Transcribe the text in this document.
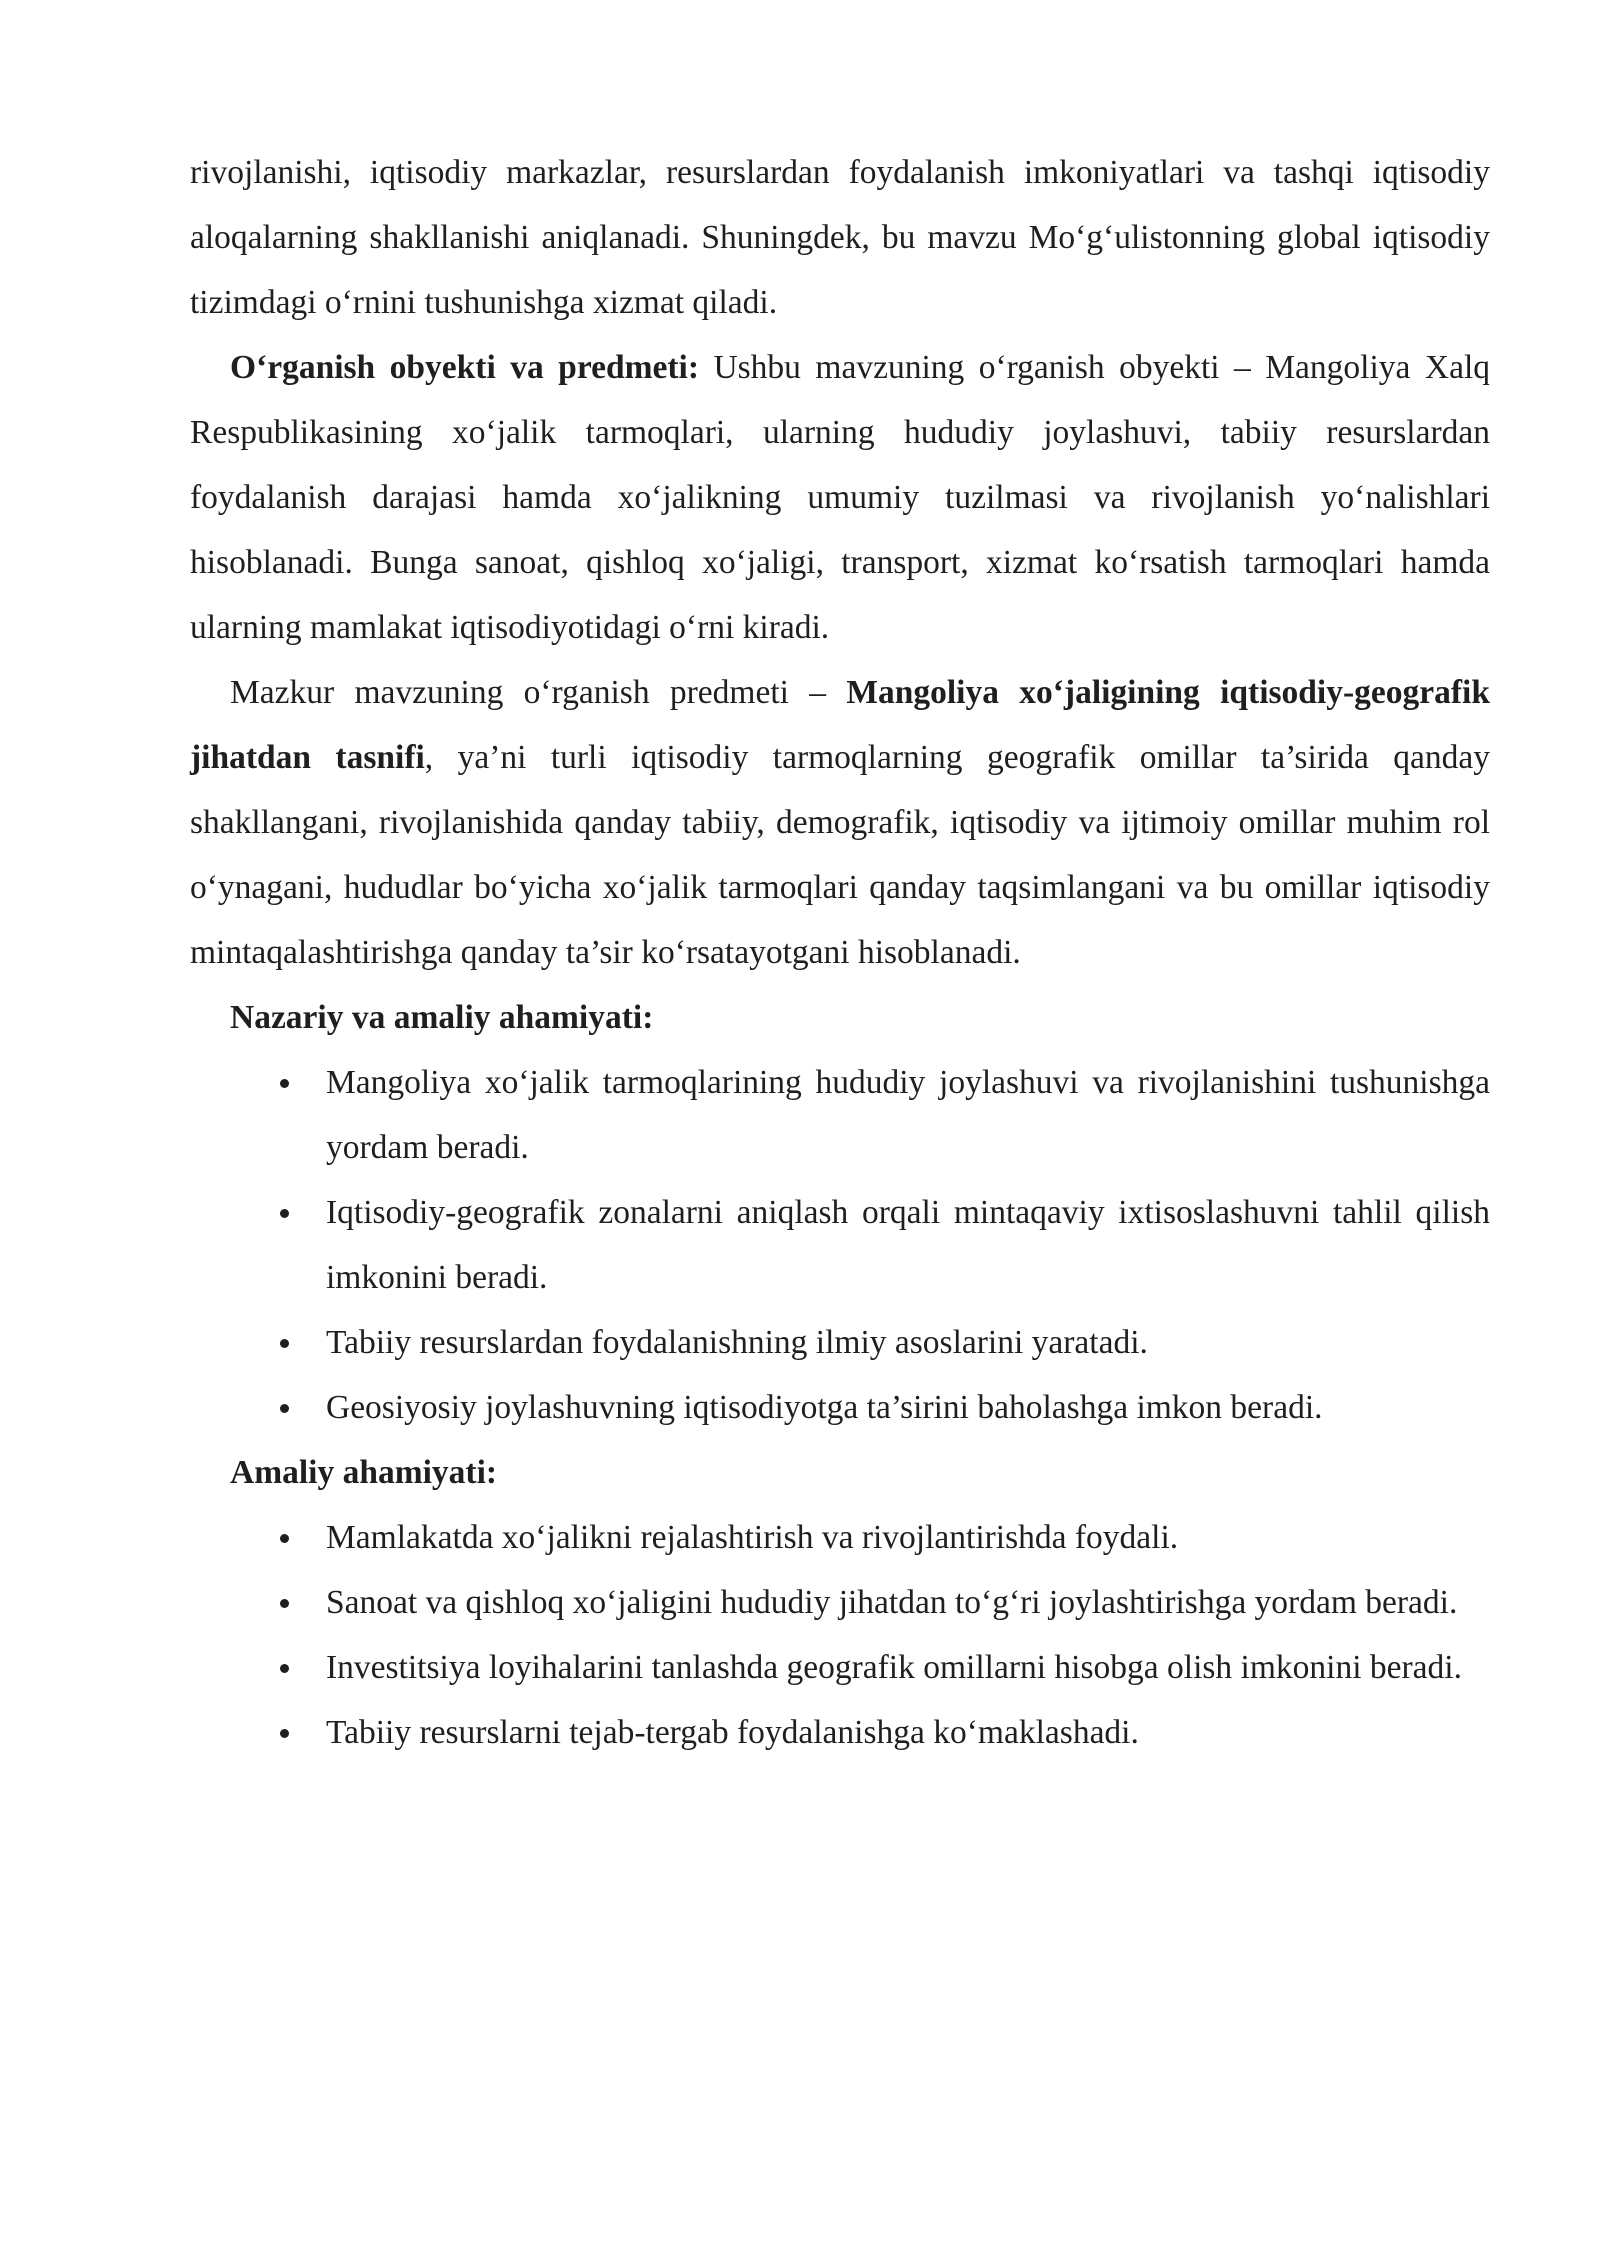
rivojlanishi, iqtisodiy markazlar, resurslardan foydalanish imkoniyatlari va tashqi iqtisodiy aloqalarning shakllanishi aniqlanadi. Shuningdek, bu mavzu Mo‘g‘ulistonning global iqtisodiy tizimdagi o‘rnini tushunishga xizmat qiladi.

O‘rganish obyekti va predmeti: Ushbu mavzuning o‘rganish obyekti – Mangoliya Xalq Respublikasining xo‘jalik tarmoqlari, ularning hududiy joylashuvi, tabiiy resurslardan foydalanish darajasi hamda xo‘jalikning umumiy tuzilmasi va rivojlanish yo‘nalishlari hisoblanadi. Bunga sanoat, qishloq xo‘jaligi, transport, xizmat ko‘rsatish tarmoqlari hamda ularning mamlakat iqtisodiyotidagi o‘rni kiradi.

Mazkur mavzuning o‘rganish predmeti – Mangoliya xo‘jaligining iqtisodiy-geografik jihatdan tasnifi, ya’ni turli iqtisodiy tarmoqlarning geografik omillar ta’sirida qanday shakllangani, rivojlanishida qanday tabiiy, demografik, iqtisodiy va ijtimoiy omillar muhim rol o‘ynagani, hududlar bo‘yicha xo‘jalik tarmoqlari qanday taqsimlangani va bu omillar iqtisodiy mintaqalashtirishga qanday ta’sir ko‘rsatayotgani hisoblanadi.

Nazariy va amaliy ahamiyati:

Mangoliya xo‘jalik tarmoqlarining hududiy joylashuvi va rivojlanishini tushunishga yordam beradi.
Iqtisodiy-geografik zonalarni aniqlash orqali mintaqaviy ixtisoslashuvni tahlil qilish imkonini beradi.
Tabiiy resurslardan foydalanishning ilmiy asoslarini yaratadi.
Geosiyosiy joylashuvning iqtisodiyotga ta’sirini baholashga imkon beradi.

Amaliy ahamiyati:

Mamlakatda xo‘jalikni rejalashtirish va rivojlantirishda foydali.
Sanoat va qishloq xo‘jaligini hududiy jihatdan to‘g‘ri joylashtirishga yordam beradi.
Investitsiya loyihalarini tanlashda geografik omillarni hisobga olish imkonini beradi.
Tabiiy resurslarni tejab-tergab foydalanishga ko‘maklashadi.
